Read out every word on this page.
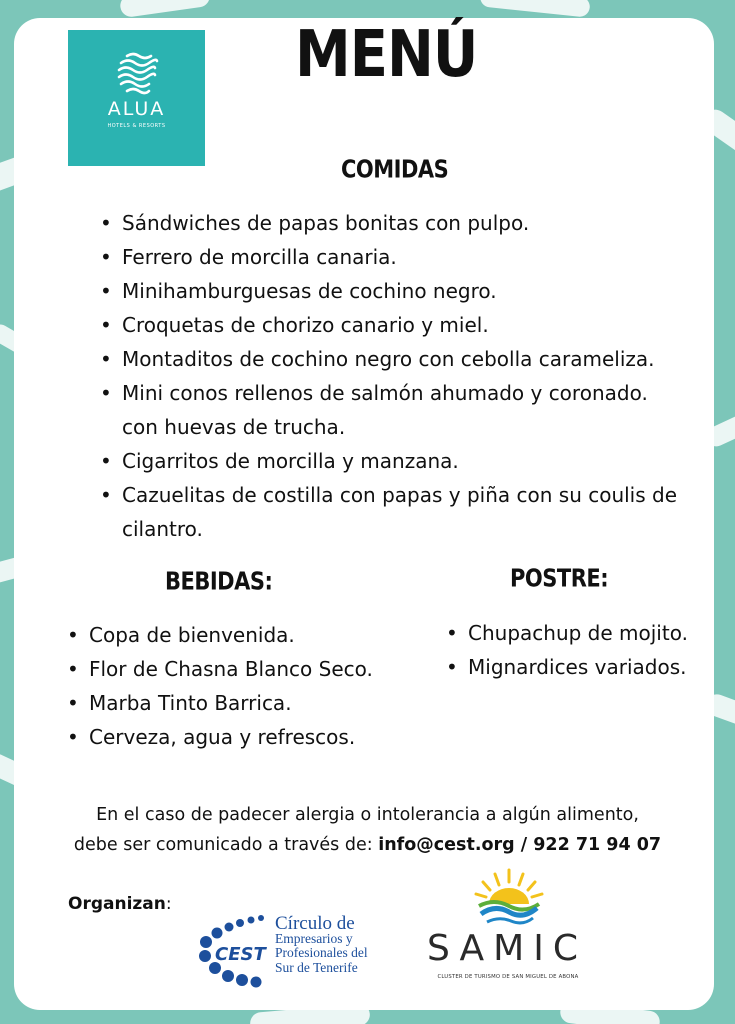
ALUA
HOTELS & RESORTS
MENÚ
COMIDAS
• Sándwiches de papas bonitas con pulpo.
• Ferrero de morcilla canaria.
• Minihamburguesas de cochino negro.
• Croquetas de chorizo canario y miel.
• Montaditos de cochino negro con cebolla carameliza.
• Mini conos rellenos de salmón ahumado y coronado. con huevas de trucha.
• Cigarritos de morcilla y manzana.
• Cazuelitas de costilla con papas y piña con su coulis de cilantro.
BEBIDAS:
• Copa de bienvenida.
• Flor de Chasna Blanco Seco.
• Marba Tinto Barrica.
• Cerveza, agua y refrescos.
POSTRE:
• Chupachup de mojito.
• Mignardices variados.
En el caso de padecer alergia o intolerancia a algún alimento,
debe ser comunicado a través de: info@cest.org / 922 71 94 07
Organizan:
CEST
Círculo de
Empresarios y
Profesionales del
Sur de Tenerife SAMIC
CLUSTER DE TURISMO DE SAN MIGUEL DE ABONA
